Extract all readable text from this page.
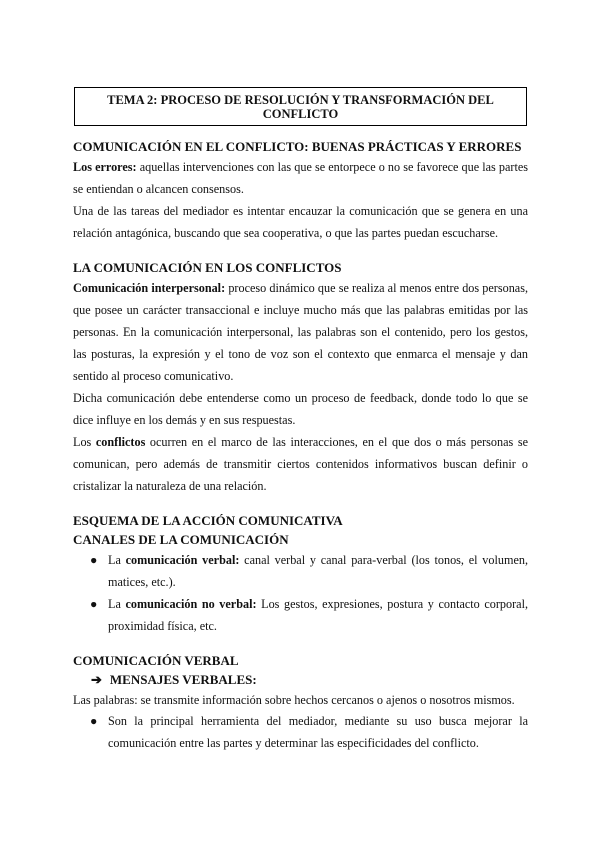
TEMA 2: PROCESO DE RESOLUCIÓN Y TRANSFORMACIÓN DEL CONFLICTO
COMUNICACIÓN EN EL CONFLICTO: BUENAS PRÁCTICAS Y ERRORES

Los errores: aquellas intervenciones con las que se entorpece o no se favorece que las partes se entiendan o alcancen consensos.

Una de las tareas del mediador es intentar encauzar la comunicación que se genera en una relación antagónica, buscando que sea cooperativa, o que las partes puedan escucharse.

LA COMUNICACIÓN EN LOS CONFLICTOS

Comunicación interpersonal: proceso dinámico que se realiza al menos entre dos personas, que posee un carácter transaccional e incluye mucho más que las palabras emitidas por las personas. En la comunicación interpersonal, las palabras son el contenido, pero los gestos, las posturas, la expresión y el tono de voz son el contexto que enmarca el mensaje y dan sentido al proceso comunicativo.

Dicha comunicación debe entenderse como un proceso de feedback, donde todo lo que se dice influye en los demás y en sus respuestas.

Los conflictos ocurren en el marco de las interacciones, en el que dos o más personas se comunican, pero además de transmitir ciertos contenidos informativos buscan definir o cristalizar la naturaleza de una relación.

ESQUEMA DE LA ACCIÓN COMUNICATIVA
CANALES DE LA COMUNICACIÓN
● La comunicación verbal: canal verbal y canal para-verbal (los tonos, el volumen, matices, etc.).
● La comunicación no verbal: Los gestos, expresiones, postura y contacto corporal, proximidad física, etc.
COMUNICACIÓN VERBAL
➔ MENSAJES VERBALES:

Las palabras: se transmite información sobre hechos cercanos o ajenos o nosotros mismos.

● Son la principal herramienta del mediador, mediante su uso busca mejorar la comunicación entre las partes y determinar las especificidades del conflicto.
